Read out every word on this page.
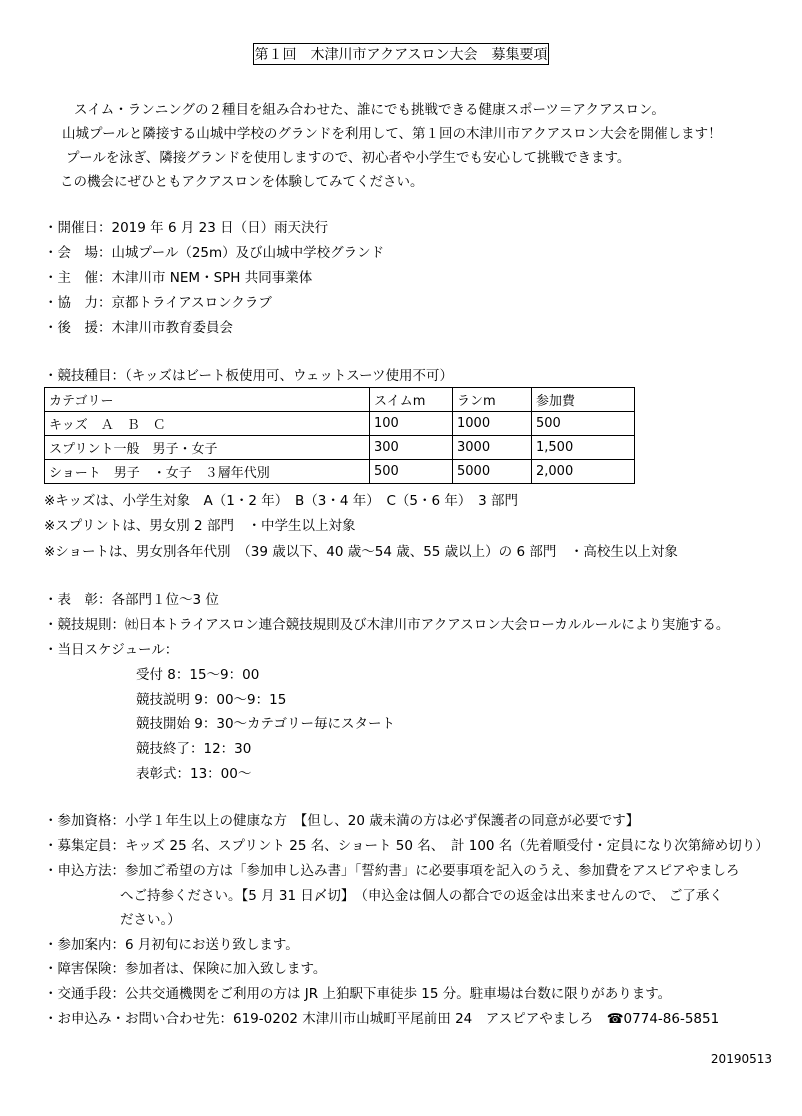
第１回　木津川市アクアスロン大会　募集要項
スイム・ランニングの２種目を組み合わせた、誰にでも挑戦できる健康スポーツ＝アクアスロン。
山城プールと隣接する山城中学校のグランドを利用して、第１回の木津川市アクアスロン大会を開催します！
プールを泳ぎ、隣接グランドを使用しますので、初心者や小学生でも安心して挑戦できます。
この機会にぜひともアクアスロンを体験してみてください。
・開催日：2019 年 6 月 23 日（日）雨天決行
・会　場：山城プール（25m）及び山城中学校グランド
・主　催：木津川市 NEM・SPH 共同事業体
・協　力：京都トライアスロンクラブ
・後　援：木津川市教育委員会
・競技種目：（キッズはビート板使用可、ウェットスーツ使用不可）
カテゴリー	スイムm	ランm	参加費
キッズ　Ａ　Ｂ　Ｃ	100	1000	500
スプリント一般　男子・女子	300	3000	1,500
ショート　男子　・女子　３層年代別	500	5000	2,000
※キッズは、小学生対象　A（1・2 年）　B（3・4 年）　C（5・6 年）　3 部門
※スプリントは、男女別 2 部門　・中学生以上対象
※ショートは、男女別各年代別　（39 歳以下、40 歳～54 歳、55 歳以上）の 6 部門　・高校生以上対象
・表　彰：各部門１位～3 位
・競技規則：㈳日本トライアスロン連合競技規則及び木津川市アクアスロン大会ローカルルールにより実施する。
・当日スケジュール：
受付 8：15～9：00
競技説明 9：00～9：15
競技開始 9：30～カテゴリー毎にスタート
競技終了：12：30
表彰式：13：00～
・参加資格：小学１年生以上の健康な方　【但し、20 歳未満の方は必ず保護者の同意が必要です】
・募集定員：キッズ 25 名、スプリント 25 名、ショート 50 名、　計 100 名（先着順受付・定員になり次第締め切り）
・申込方法：参加ご希望の方は「参加申し込み書」「誓約書」に必要事項を記入のうえ、参加費をアスピアやましろ
へご持参ください。【5 月 31 日〆切】　（申込金は個人の都合での返金は出来ませんので、 ご了承く
ださい。）
・参加案内：6 月初旬にお送り致します。
・障害保険：参加者は、保険に加入致します。
・交通手段：公共交通機関をご利用の方は JR 上狛駅下車徒歩 15 分。駐車場は台数に限りがあります。
・お申込み・お問い合わせ先：619-0202 木津川市山城町平尾前田 24　アスピアやましろ　☎0774-86-5851
20190513
